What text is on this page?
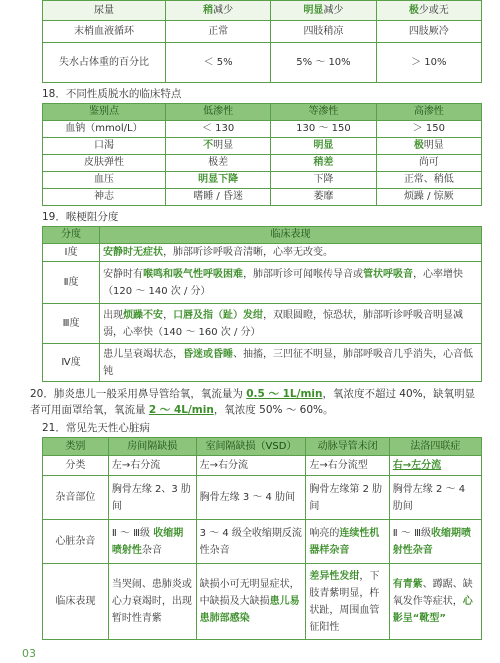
尿量	稍减少	明显减少	极少或无
末梢血液循环	正常	四肢稍凉	四肢厥冷
失水占体重的百分比	＜ 5%	5% ～ 10%	＞ 10%

18．不同性质脱水的临床特点

鉴别点	低渗性	等渗性	高渗性
血钠（mmol/L）	＜ 130	130 ～ 150	＞ 150
口渴	不明显	明显	极明显
皮肤弹性	极差	稍差	尚可
血压	明显下降	下降	正常、稍低
神志	嗜睡 / 昏迷	萎靡	烦躁 / 惊厥

19．喉梗阻分度

分度	临床表现
Ⅰ度	安静时无症状，肺部听诊呼吸音清晰，心率无改变。
Ⅱ度	安静时有喉鸣和吸气性呼吸困难，肺部听诊可闻喉传导音或管状呼吸音，心率增快（120 ～ 140 次 / 分）
Ⅲ度	出现烦躁不安，口唇及指（趾）发绀，双眼圆瞪，惊恐状，肺部听诊呼吸音明显减弱，心率快（140 ～ 160 次 / 分）
Ⅳ度	患儿呈衰竭状态，昏迷或昏睡、抽搐，三凹征不明显，肺部呼吸音几乎消失，心音低钝

20．肺炎患儿一般采用鼻导管给氧，氧流量为 0.5 ～ 1L/min，氧浓度不超过 40%，缺氧明显者可用面罩给氧，氧流量 2 ～ 4L/min，氧浓度 50% ～ 60%。

21．常见先天性心脏病

类别	房间隔缺损	室间隔缺损（VSD）	动脉导管未闭	法洛四联症
分类	左→右分流	左→右分流	左→右分流型	右→左分流
杂音部位	胸骨左缘 2、3 肋间	胸骨左缘 3 ～ 4 肋间	胸骨左缘第 2 肋间	胸骨左缘 2 ～ 4 肋间
心脏杂音	Ⅱ ～ Ⅲ级 收缩期喷射性杂音	3 ～ 4 级全收缩期反流性杂音	响亮的连续性机器样杂音	Ⅱ ～ Ⅲ级收缩期喷射性杂音
临床表现	当哭闹、患肺炎或心力衰竭时，出现暂时性青紫	缺损小可无明显症状，中缺损及大缺损患儿易患肺部感染	差异性发绀，下肢青紫明显，杵状趾，周围血管征阳性	有青紫、蹲踞、缺氧发作等症状，心影呈“靴型”
03
